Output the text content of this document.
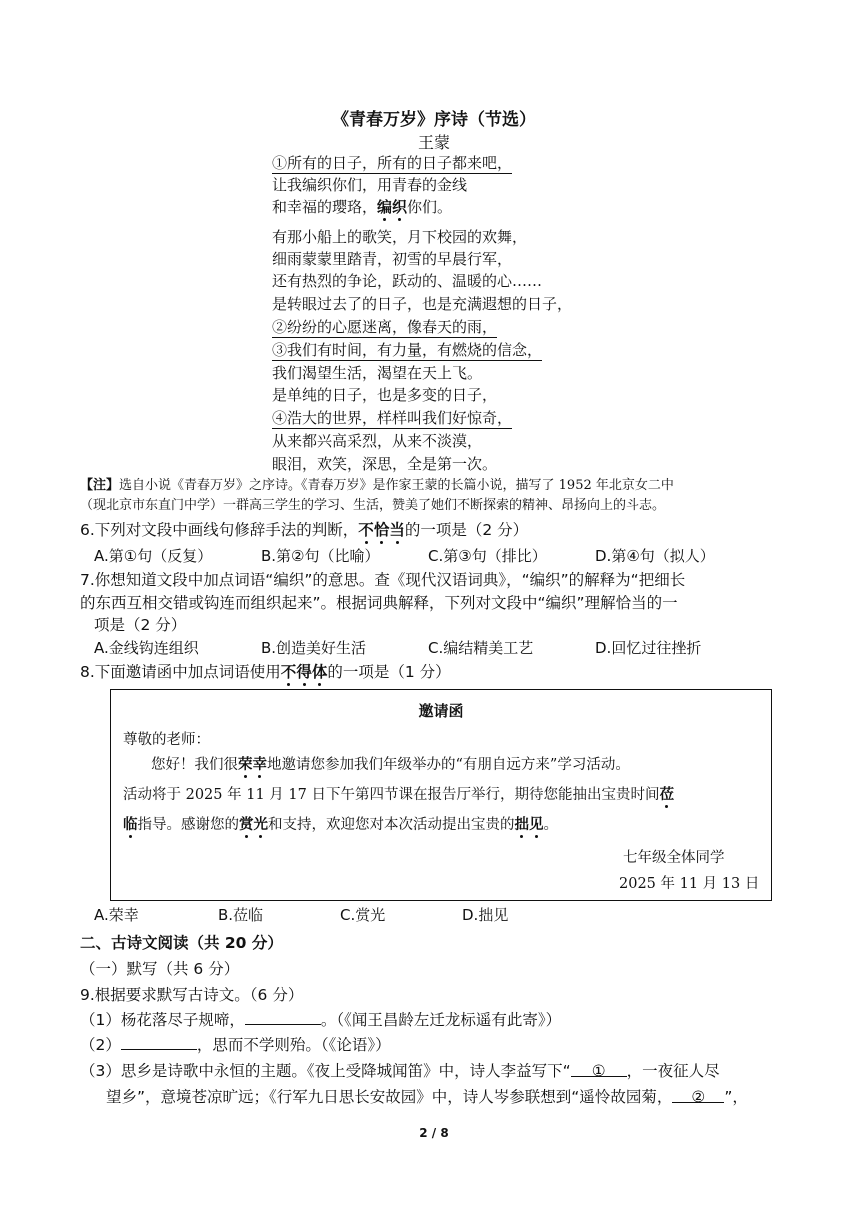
《青春万岁》序诗（节选）
王蒙
①所有的日子，所有的日子都来吧，
让我编织你们，用青春的金线
和幸福的璎珞，编织你们。
有那小船上的歌笑，月下校园的欢舞，
细雨蒙蒙里踏青，初雪的早晨行军，
还有热烈的争论，跃动的、温暖的心……
是转眼过去了的日子，也是充满遐想的日子，
②纷纷的心愿迷离，像春天的雨，
③我们有时间，有力量，有燃烧的信念，
我们渴望生活，渴望在天上飞。
是单纯的日子，也是多变的日子，
④浩大的世界，样样叫我们好惊奇，
从来都兴高采烈，从来不淡漠，
眼泪，欢笑，深思，全是第一次。
【注】选自小说《青春万岁》之序诗。《青春万岁》是作家王蒙的长篇小说，描写了 1952 年北京女二中
（现北京市东直门中学）一群高三学生的学习、生活，赞美了她们不断探索的精神、昂扬向上的斗志。
6.下列对文段中画线句修辞手法的判断，不恰当的一项是（2 分）
A.第①句（反复）	B.第②句（比喻）	C.第③句（排比）	D.第④句（拟人）
7.你想知道文段中加点词语“编织”的意思。查《现代汉语词典》，“编织”的解释为“把细长
的东西互相交错或钩连而组织起来”。根据词典解释，下列对文段中“编织”理解恰当的一
项是（2 分）
A.金线钩连组织	B.创造美好生活	C.编结精美工艺	D.回忆过往挫折
8.下面邀请函中加点词语使用不得体的一项是（1 分）
邀请函
尊敬的老师：
您好！我们很荣幸地邀请您参加我们年级举办的“有朋自远方来”学习活动。
活动将于 2025 年 11 月 17 日下午第四节课在报告厅举行，期待您能抽出宝贵时间莅
临指导。感谢您的赏光和支持，欢迎您对本次活动提出宝贵的拙见。
七年级全体同学
2025 年 11 月 13 日
A.荣幸	B.莅临	C.赏光	D.拙见
二、古诗文阅读（共 20 分）
（一）默写（共 6 分）
9.根据要求默写古诗文。（6 分）
（1）杨花落尽子规啼，	。（《闻王昌龄左迁龙标遥有此寄》）
（2）	，思而不学则殆。（《论语》）
（3）思乡是诗歌中永恒的主题。《夜上受降城闻笛》中，诗人李益写下“ ① ，一夜征人尽
望乡”，意境苍凉旷远；《行军九日思长安故园》中，诗人岑参联想到“遥怜故园菊， ② ”，
2 / 8
